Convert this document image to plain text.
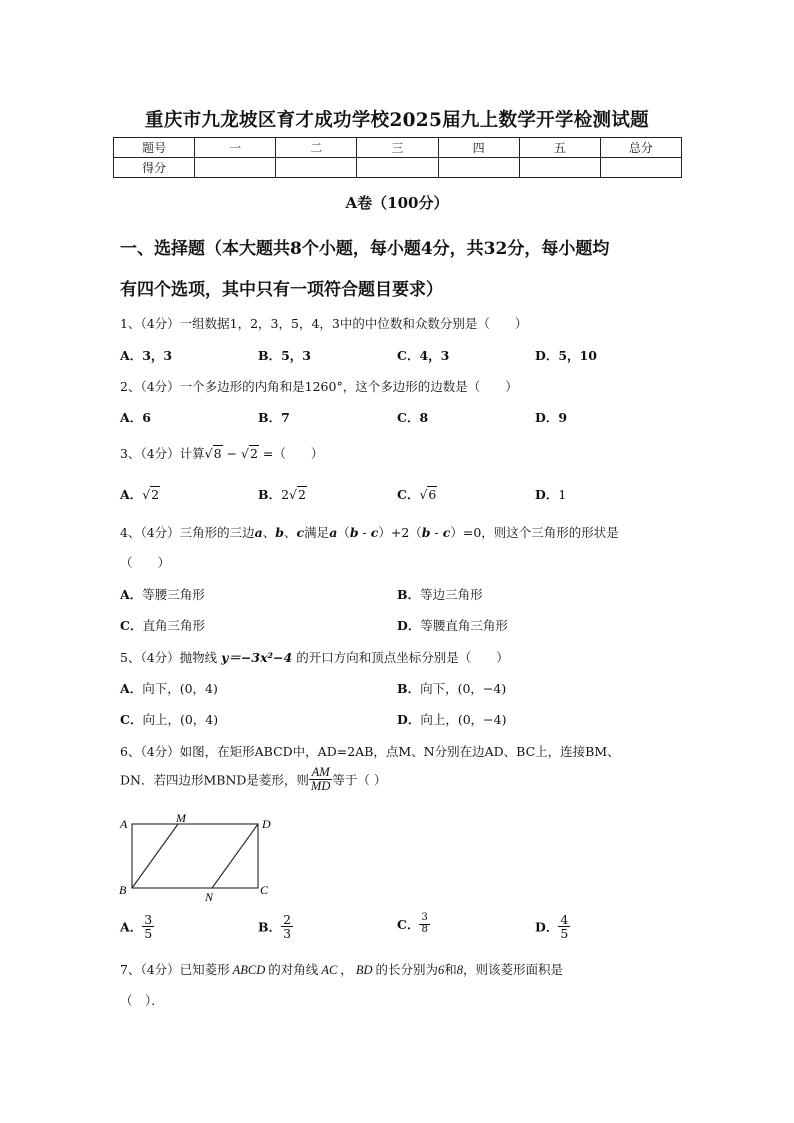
重庆市九龙坡区育才成功学校2025届九上数学开学检测试题
题号	一	二	三	四	五	总分
得分						
A卷（100分）
一、选择题（本大题共8个小题，每小题4分，共32分，每小题均
有四个选项，其中只有一项符合题目要求）
1、（4分）一组数据1，2，3，5，4，3中的中位数和众数分别是（　　）
A．3，3	B．5，3	C．4，3	D．5，10
2、（4分）一个多边形的内角和是1260°，这个多边形的边数是（　　）
A．6	B．7	C．8	D．9
3、（4分）计算√8 − √2 =（　　）
A．√2	B．2√2	C．√6	D．1
4、（4分）三角形的三边a、b、c满足a（b - c）+2（b - c）=0，则这个三角形的形状是
（　　）
A．等腰三角形	B．等边三角形
C．直角三角形	D．等腰直角三角形
5、（4分）抛物线 y＝−3x²−4 的开口方向和顶点坐标分别是（　　）
A．向下，(0，4)	B．向下，(0，−4)
C．向上，(0，4)	D．向上，(0，−4)
6、（4分）如图，在矩形ABCD中，AD=2AB，点M、N分别在边AD、BC上，连接BM、
DN．若四边形MBND是菱形，则 $\frac{AM}{MD}$ 等于（ ）
A	M	D
B	N	C
A． $\frac{3}{5}$	B． $\frac{2}{3}$	C． $\frac{3}{8}$	D． $\frac{4}{5}$
7、（4分）已知菱形 ABCD 的对角线 AC ， BD 的长分别为6和8，则该菱形面积是
（　）．
